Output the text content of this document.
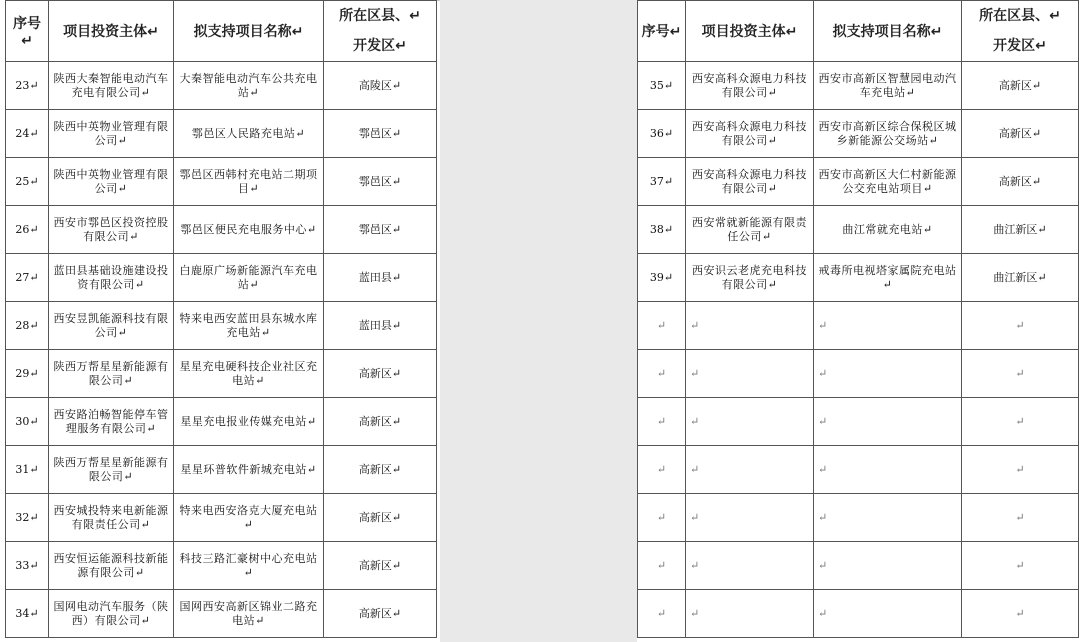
序号↵	项目投资主体↵	拟支持项目名称↵	所在区县、↵
开发区↵

23↵	陕西大秦智能电动汽车充电有限公司↵	大秦智能电动汽车公共充电站↵	高陵区↵
24↵	陕西中英物业管理有限公司↵	鄠邑区人民路充电站↵	鄠邑区↵
25↵	陕西中英物业管理有限公司↵	鄠邑区西韩村充电站二期项目↵	鄠邑区↵
26↵	西安市鄠邑区投资控股有限公司↵	鄠邑区便民充电服务中心↵	鄠邑区↵
27↵	蓝田县基础设施建设投资有限公司↵	白鹿原广场新能源汽车充电站↵	蓝田县↵
28↵	西安昱凯能源科技有限公司↵	特来电西安蓝田县东城水库充电站↵	蓝田县↵
29↵	陕西万帮星星新能源有限公司↵	星星充电硬科技企业社区充电站↵	高新区↵
30↵	西安路泊畅智能停车管理服务有限公司↵	星星充电报业传媒充电站↵	高新区↵
31↵	陕西万帮星星新能源有限公司↵	星星环普软件新城充电站↵	高新区↵
32↵	西安城投特来电新能源有限责任公司↵	特来电西安洛克大厦充电站↵	高新区↵
33↵	西安恒运能源科技新能源有限公司↵	科技三路汇豪树中心充电站↵	高新区↵
34↵	国网电动汽车服务（陕西）有限公司↵	国网西安高新区锦业二路充电站↵	高新区↵
序号↵	项目投资主体↵	拟支持项目名称↵	所在区县、↵
开发区↵

35↵	西安高科众源电力科技有限公司↵	西安市高新区智慧园电动汽车充电站↵	高新区↵
36↵	西安高科众源电力科技有限公司↵	西安市高新区综合保税区城乡新能源公交场站↵	高新区↵
37↵	西安高科众源电力科技有限公司↵	西安市高新区大仁村新能源公交充电站项目↵	高新区↵
38↵	西安常就新能源有限责任公司↵	曲江常就充电站↵	曲江新区↵
39↵	西安识云老虎充电科技有限公司↵	戒毒所电视塔家属院充电站↵	曲江新区↵
↵	↵	↵	↵
↵	↵	↵	↵
↵	↵	↵	↵
↵	↵	↵	↵
↵	↵	↵	↵
↵	↵	↵	↵
↵	↵	↵	↵
